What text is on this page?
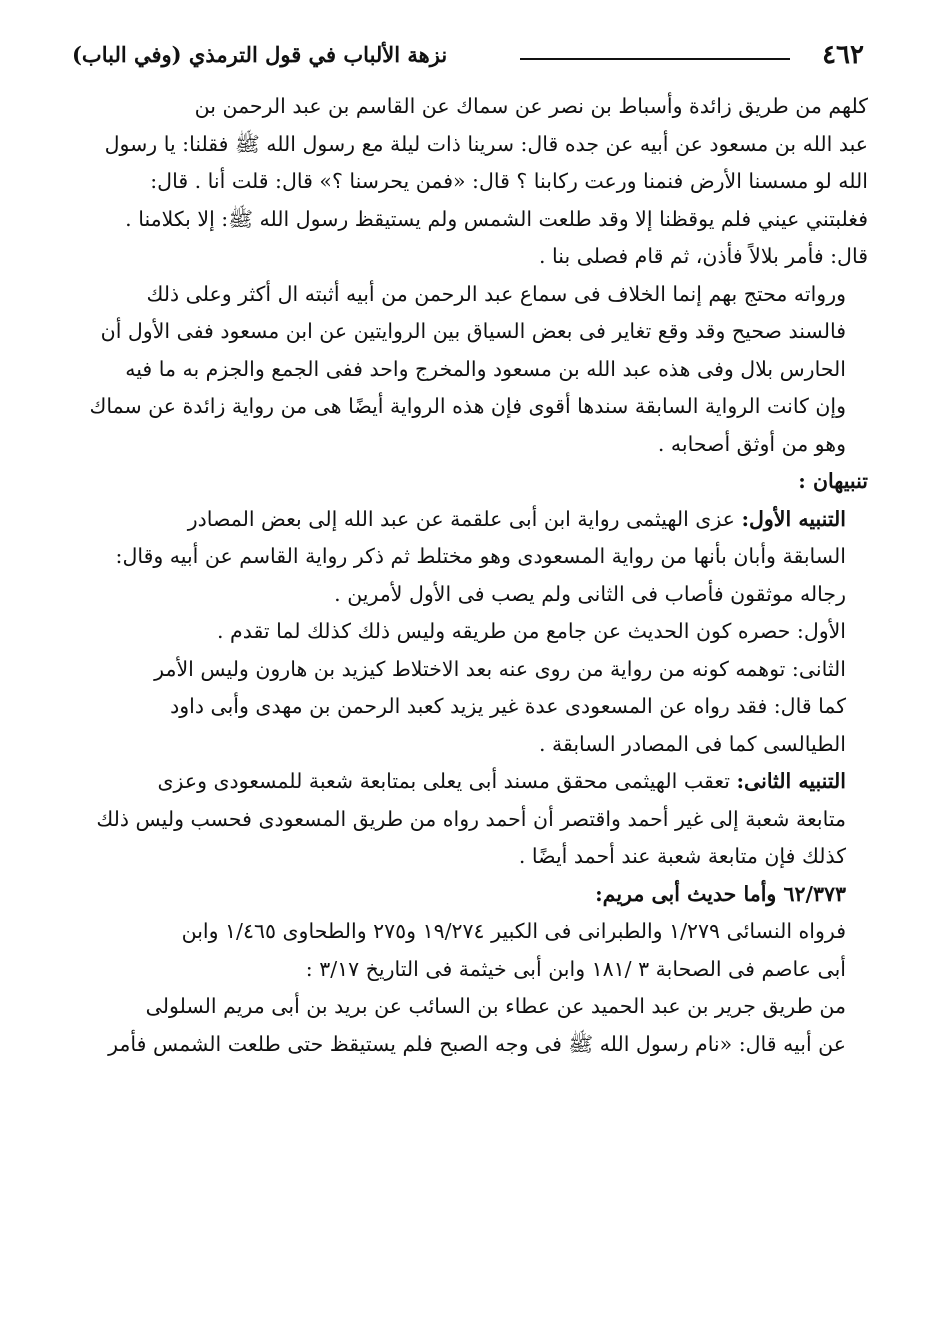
٤٦٢
نزهة الألباب في قول الترمذي (وفي الباب)

كلهم من طريق زائدة وأسباط بن نصر عن سماك عن القاسم بن عبد الرحمن بن
عبد الله بن مسعود عن أبيه عن جده قال: سرينا ذات ليلة مع رسول الله ﷺ فقلنا: يا رسول
الله لو مسسنا الأرض فنمنا ورعت ركابنا ؟ قال: «فمن يحرسنا ؟» قال: قلت أنا . قال:
فغلبتني عيني فلم يوقظنا إلا وقد طلعت الشمس ولم يستيقظ رسول الله ﷺ: إلا بكلامنا .
قال: فأمر بلالاً فأذن، ثم قام فصلى بنا .

ورواته محتج بهم إنما الخلاف فى سماع عبد الرحمن من أبيه أثبته ال أكثر وعلى ذلك
فالسند صحيح وقد وقع تغاير فى بعض السياق بين الروايتين عن ابن مسعود ففى الأول أن
الحارس بلال وفى هذه عبد الله بن مسعود والمخرج واحد ففى الجمع والجزم به ما فيه
وإن كانت الرواية السابقة سندها أقوى فإن هذه الرواية أيضًا هى من رواية زائدة عن سماك
وهو من أوثق أصحابه .

تنبيهان :

التنبيه الأول: عزى الهيثمى رواية ابن أبى علقمة عن عبد الله إلى بعض المصادر
السابقة وأبان بأنها من رواية المسعودى وهو مختلط ثم ذكر رواية القاسم عن أبيه وقال:
رجاله موثقون فأصاب فى الثانى ولم يصب فى الأول لأمرين .

الأول: حصره كون الحديث عن جامع من طريقه وليس ذلك كذلك لما تقدم .

الثانى: توهمه كونه من رواية من روى عنه بعد الاختلاط كيزيد بن هارون وليس الأمر
كما قال: فقد رواه عن المسعودى عدة غير يزيد كعبد الرحمن بن مهدى وأبى داود
الطيالسى كما فى المصادر السابقة .

التنبيه الثانى: تعقب الهيثمى محقق مسند أبى يعلى بمتابعة شعبة للمسعودى وعزى
متابعة شعبة إلى غير أحمد واقتصر أن أحمد رواه من طريق المسعودى فحسب وليس ذلك
كذلك فإن متابعة شعبة عند أحمد أيضًا .

٦٢/٣٧٣ وأما حديث أبى مريم:

فرواه النسائى ١/٢٧٩ والطبرانى فى الكبير ١٩/٢٧٤ و٢٧٥ والطحاوى ١/٤٦٥ وابن
أبى عاصم فى الصحابة ٣ /١٨١ وابن أبى خيثمة فى التاريخ ٣/١٧ :

من طريق جرير بن عبد الحميد عن عطاء بن السائب عن بريد بن أبى مريم السلولى
عن أبيه قال: «نام رسول الله ﷺ فى وجه الصبح فلم يستيقظ حتى طلعت الشمس فأمر
